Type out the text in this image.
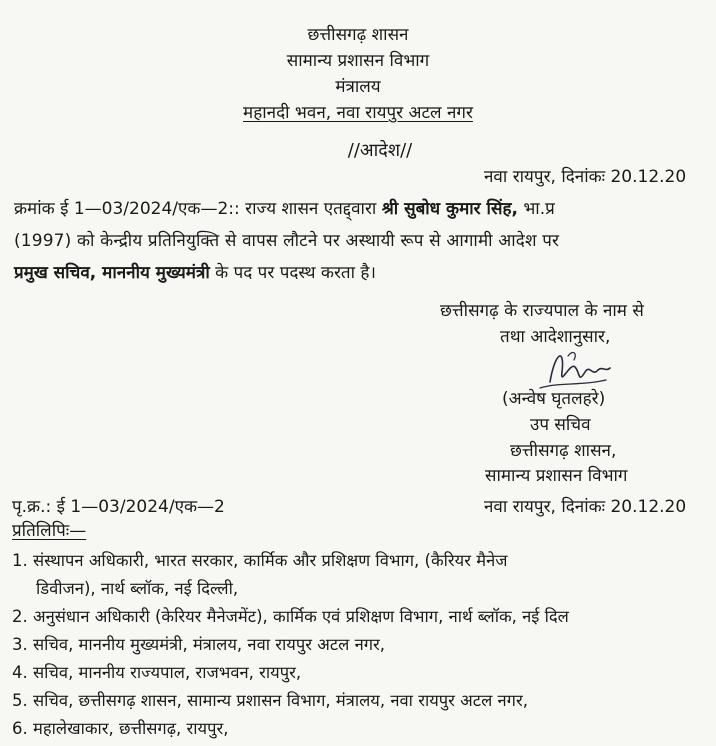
छत्तीसगढ़ शासन
सामान्य प्रशासन विभाग
मंत्रालय
महानदी भवन, नवा रायपुर अटल नगर
//आदेश//
नवा रायपुर, दिनांकः 20.12.20
क्रमांक ई 1—03/2024/एक—2:: राज्य शासन एतद्द्वारा श्री सुबोध कुमार सिंह, भा.प्र
(1997) को केन्द्रीय प्रतिनियुक्ति से वापस लौटने पर अस्थायी रूप से आगामी आदेश पर
प्रमुख सचिव, माननीय मुख्यमंत्री के पद पर पदस्थ करता है।
छत्तीसगढ़ के राज्यपाल के नाम से
तथा आदेशानुसार,
(अन्वेष घृतलहरे)
उप सचिव
छत्तीसगढ़ शासन,
सामान्य प्रशासन विभाग
पृ.क्र.: ई 1—03/2024/एक—2	नवा रायपुर, दिनांकः 20.12.20
प्रतिलिपिः—
1. संस्थापन अधिकारी, भारत सरकार, कार्मिक और प्रशिक्षण विभाग, (कैरियर मैनेज
डिवीजन), नार्थ ब्लॉक, नई दिल्ली,
2. अनुसंधान अधिकारी (केरियर मैनेजमेंट), कार्मिक एवं प्रशिक्षण विभाग, नार्थ ब्लॉक, नई दिल
3. सचिव, माननीय मुख्यमंत्री, मंत्रालय, नवा रायपुर अटल नगर,
4. सचिव, माननीय राज्यपाल, राजभवन, रायपुर,
5. सचिव, छत्तीसगढ़ शासन, सामान्य प्रशासन विभाग, मंत्रालय, नवा रायपुर अटल नगर,
6. महालेखाकार, छत्तीसगढ़, रायपुर,
